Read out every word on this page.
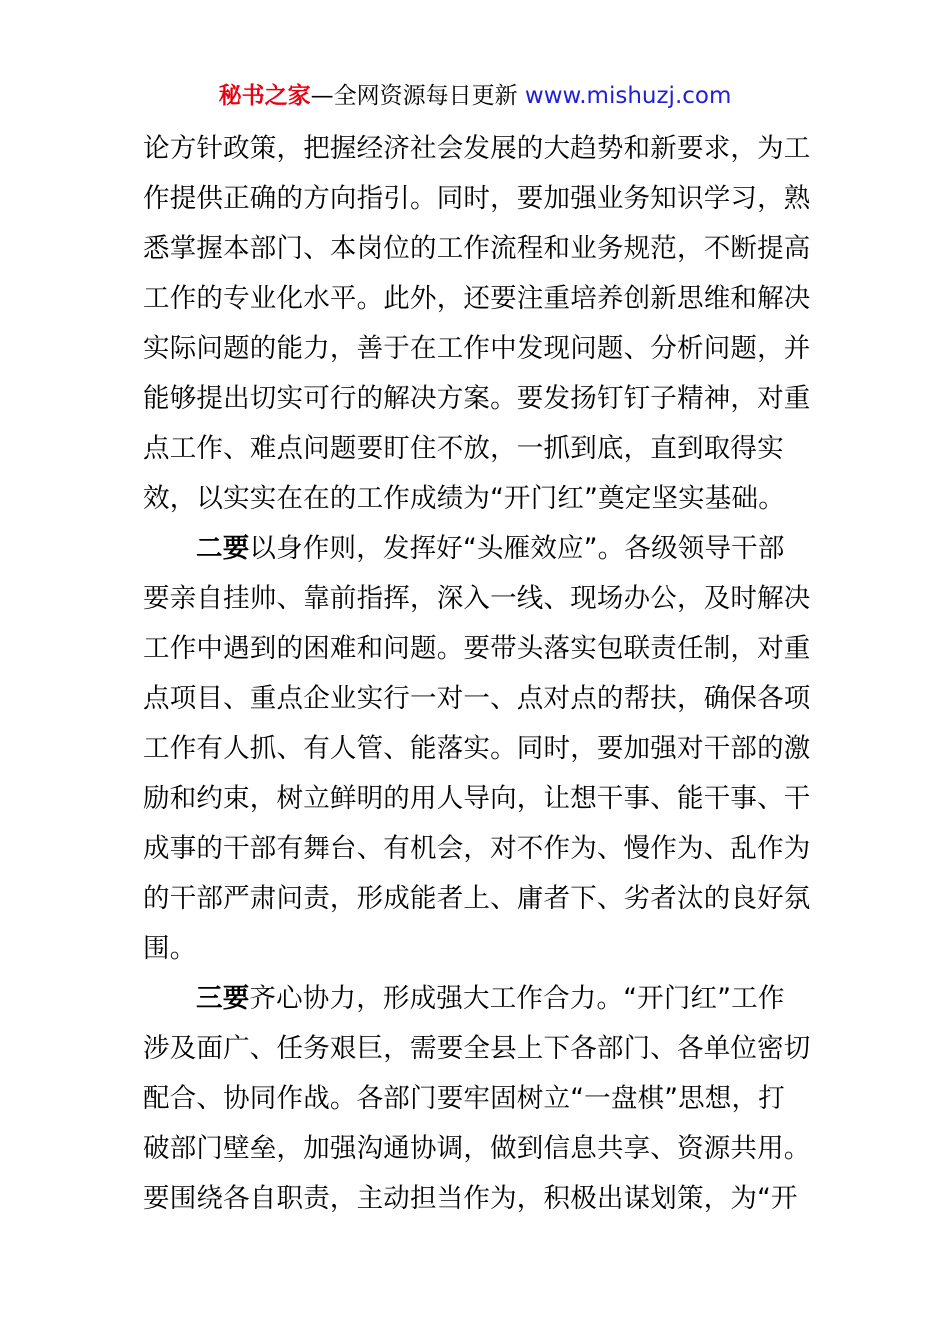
秘书之家—全网资源每日更新 www.mishuzj.com
论方针政策，把握经济社会发展的大趋势和新要求，为工
作提供正确的方向指引。同时，要加强业务知识学习，熟
悉掌握本部门、本岗位的工作流程和业务规范，不断提高
工作的专业化水平。此外，还要注重培养创新思维和解决
实际问题的能力，善于在工作中发现问题、分析问题，并
能够提出切实可行的解决方案。要发扬钉钉子精神，对重
点工作、难点问题要盯住不放，一抓到底，直到取得实
效，以实实在在的工作成绩为“开门红”奠定坚实基础。
二要以身作则，发挥好“头雁效应”。各级领导干部
要亲自挂帅、靠前指挥，深入一线、现场办公，及时解决
工作中遇到的困难和问题。要带头落实包联责任制，对重
点项目、重点企业实行一对一、点对点的帮扶，确保各项
工作有人抓、有人管、能落实。同时，要加强对干部的激
励和约束，树立鲜明的用人导向，让想干事、能干事、干
成事的干部有舞台、有机会，对不作为、慢作为、乱作为
的干部严肃问责，形成能者上、庸者下、劣者汰的良好氛
围。
三要齐心协力，形成强大工作合力。“开门红”工作
涉及面广、任务艰巨，需要全县上下各部门、各单位密切
配合、协同作战。各部门要牢固树立“一盘棋”思想，打
破部门壁垒，加强沟通协调，做到信息共享、资源共用。
要围绕各自职责，主动担当作为，积极出谋划策，为“开
